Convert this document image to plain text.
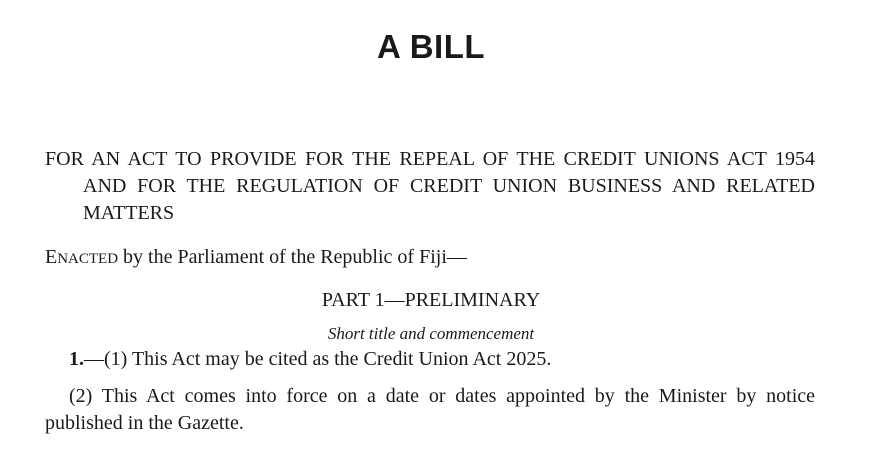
A BILL

FOR AN ACT TO PROVIDE FOR THE REPEAL OF THE CREDIT UNIONS ACT 1954 AND FOR THE REGULATION OF CREDIT UNION BUSINESS AND RELATED MATTERS

ENACTED by the Parliament of the Republic of Fiji—

PART 1—PRELIMINARY

Short title and commencement

1.—(1) This Act may be cited as the Credit Union Act 2025.

(2) This Act comes into force on a date or dates appointed by the Minister by notice published in the Gazette.
